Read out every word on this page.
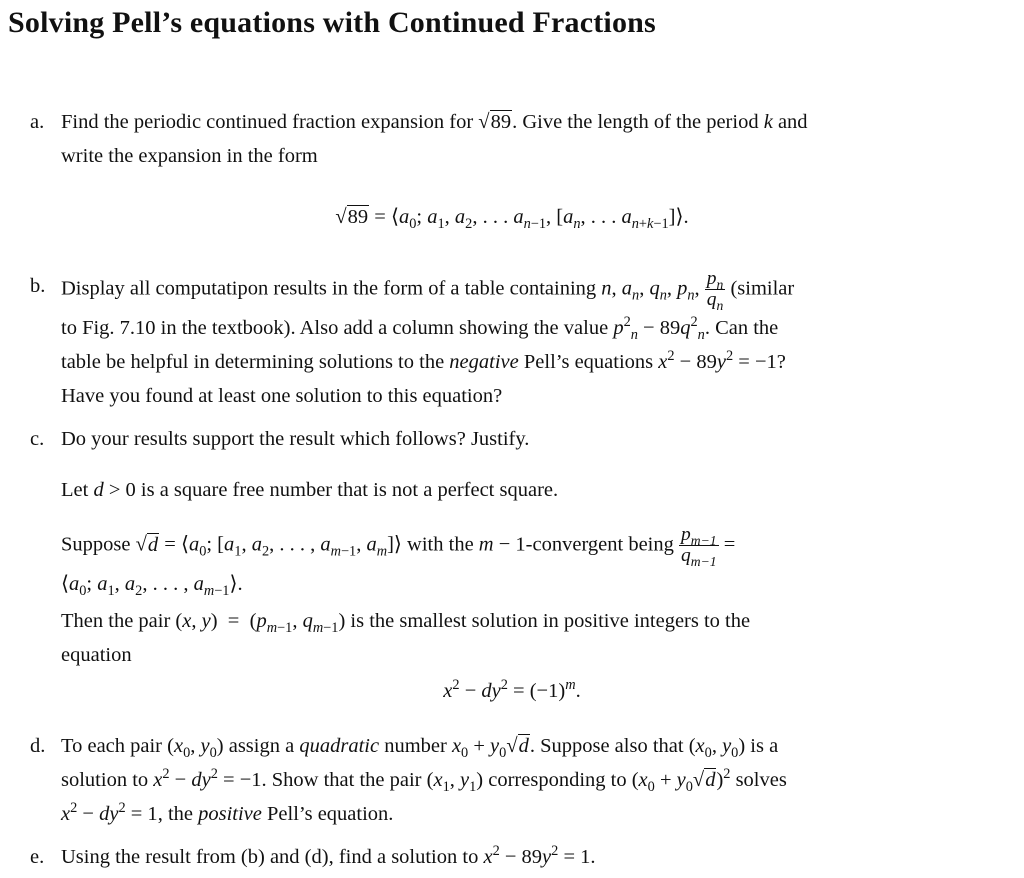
Solving Pell’s equations with Continued Fractions
a. Find the periodic continued fraction expansion for √89. Give the length of the period k and
write the expansion in the form
$√89 = ⟨a_0$; $a_1$, $a_2$, . . . $a_{n-1}$, [$a_n$, . . . $a_{n+k-1}]⟩$.
b. Display all computatipon results in the form of a table containing n, $a_n$, $q_n$, $p_n$, $\frac{p_n}{q_n}$ (similar
to Fig. 7.10 in the textbook). Also add a column showing the value $p^2_n - 89q^2_n$. Can the
table be helpful in determining solutions to the negative Pell’s equations $x^2 - 89y^2 = -1$?
Have you found at least one solution to this equation?
c. Do your results support the result which follows? Justify.
Let d > 0 is a square free number that is not a perfect square.
Suppose $√d = ⟨a_0$; [$a_1$, $a_2$, . . . , $a_{m-1}$, $a_m]⟩$ with the m − 1-convergent being $\frac{p_{m-1}}{q_{m-1}}$ =
$⟨a_0$; $a_1$, $a_2$, . . . , $a_{m-1}⟩$.
Then the pair (x, $y) = (p_{m-1}$, $q_{m-1}$) is the smallest solution in positive integers to the
equation
$x^2 - dy^2 = (-1)^m$.
d. To each pair ($x_0$, $y_0$) assign a quadratic number $x_0 + y_0√d$. Suppose also that ($x_0$, $y_0$) is a
solution to $x^2 - dy^2 = -1$. Show that the pair ($x_1$, $y_1$) corresponding to $(x_0 + y_0√d)^2$ solves
$x^2 - dy^2 = 1$, the positive Pell’s equation.
e. Using the result from (b) and (d), find a solution to $x^2 - 89y^2 = 1$.
